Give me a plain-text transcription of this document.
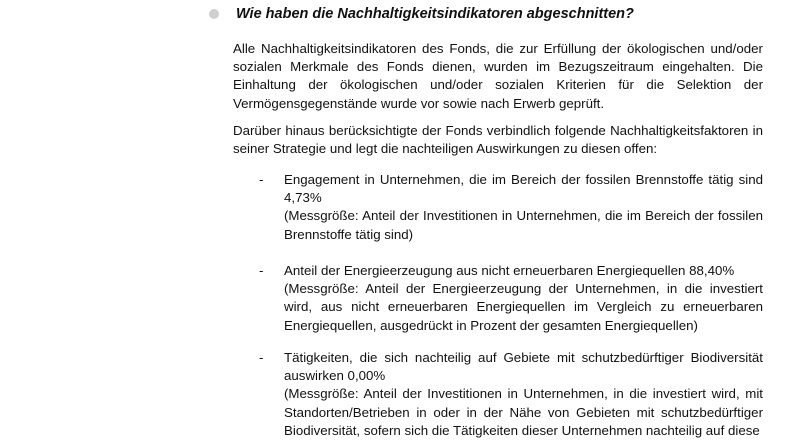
Wie haben die Nachhaltigkeitsindikatoren abgeschnitten?

Alle Nachhaltigkeitsindikatoren des Fonds, die zur Erfüllung der ökologischen und/oder sozialen Merkmale des Fonds dienen, wurden im Bezugszeitraum eingehalten. Die Einhaltung der ökologischen und/oder sozialen Kriterien für die Selektion der Vermögensgegenstände wurde vor sowie nach Erwerb geprüft.

Darüber hinaus berücksichtigte der Fonds verbindlich folgende Nachhaltigkeitsfaktoren in seiner Strategie und legt die nachteiligen Auswirkungen zu diesen offen:

- Engagement in Unternehmen, die im Bereich der fossilen Brennstoffe tätig sind 4,73%
(Messgröße: Anteil der Investitionen in Unternehmen, die im Bereich der fossilen Brennstoffe tätig sind)
- Anteil der Energieerzeugung aus nicht erneuerbaren Energiequellen 88,40%
(Messgröße: Anteil der Energieerzeugung der Unternehmen, in die investiert wird, aus nicht erneuerbaren Energiequellen im Vergleich zu erneuerbaren Energiequellen, ausgedrückt in Prozent der gesamten Energiequellen)
- Tätigkeiten, die sich nachteilig auf Gebiete mit schutzbedürftiger Biodiversität auswirken 0,00%
(Messgröße: Anteil der Investitionen in Unternehmen, in die investiert wird, mit Standorten/Betrieben in oder in der Nähe von Gebieten mit schutzbedürftiger Biodiversität, sofern sich die Tätigkeiten dieser Unternehmen nachteilig auf diese
